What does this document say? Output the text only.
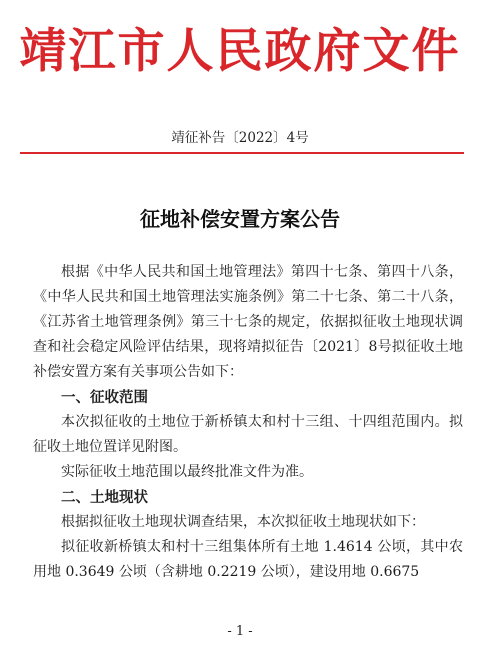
靖江市人民政府文件
靖征补告〔2022〕4号
征地补偿安置方案公告

根据《中华人民共和国土地管理法》第四十七条、第四十八条，《中华人民共和国土地管理法实施条例》第二十七条、第二十八条，《江苏省土地管理条例》第三十七条的规定，依据拟征收土地现状调查和社会稳定风险评估结果，现将靖拟征告〔2021〕8号拟征收土地补偿安置方案有关事项公告如下：

一、征收范围

本次拟征收的土地位于新桥镇太和村十三组、十四组范围内。拟征收土地位置详见附图。

实际征收土地范围以最终批准文件为准。

二、土地现状

根据拟征收土地现状调查结果，本次拟征收土地现状如下：

拟征收新桥镇太和村十三组集体所有土地 1.4614 公顷，其中农用地 0.3649 公顷（含耕地 0.2219 公顷），建设用地 0.6675

- 1 -
